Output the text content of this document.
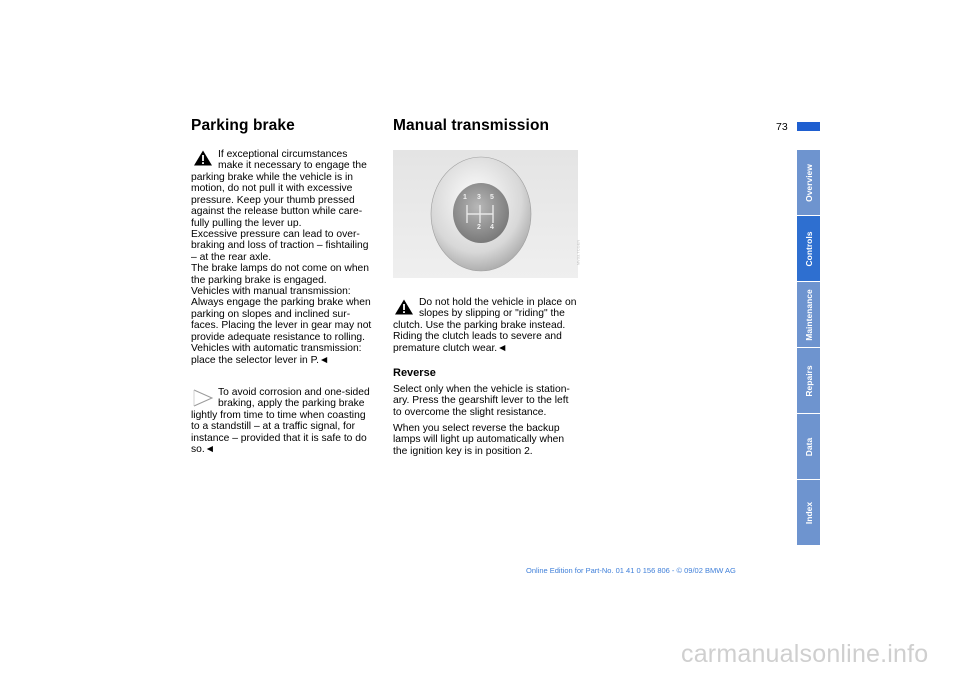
73
Parking brake
If exceptional circumstances
make it necessary to engage the
parking brake while the vehicle is in
motion, do not pull it with excessive
pressure. Keep your thumb pressed
against the release button while care-
fully pulling the lever up.
Excessive pressure can lead to over-
braking and loss of traction – fishtailing
– at the rear axle.
The brake lamps do not come on when
the parking brake is engaged.
Vehicles with manual transmission:
Always engage the parking brake when
parking on slopes and inclined sur-
faces. Placing the lever in gear may not
provide adequate resistance to rolling.
Vehicles with automatic transmission:
place the selector lever in P.◄
To avoid corrosion and one-sided
braking, apply the parking brake
lightly from time to time when coasting
to a standstill – at a traffic signal, for
instance – provided that it is safe to do
so.◄
Manual transmission
1 3 5
2 4
MV03.TCGEN
Do not hold the vehicle in place on
slopes by slipping or "riding" the
clutch. Use the parking brake instead.
Riding the clutch leads to severe and
premature clutch wear.◄
Reverse
Select only when the vehicle is station-
ary. Press the gearshift lever to the left
to overcome the slight resistance.
When you select reverse the backup
lamps will light up automatically when
the ignition key is in position 2.
Overview
Controls
Maintenance
Repairs
Data
Index
Online Edition for Part-No. 01 41 0 156 806 - © 09/02 BMW AG
carmanualsonline.info
